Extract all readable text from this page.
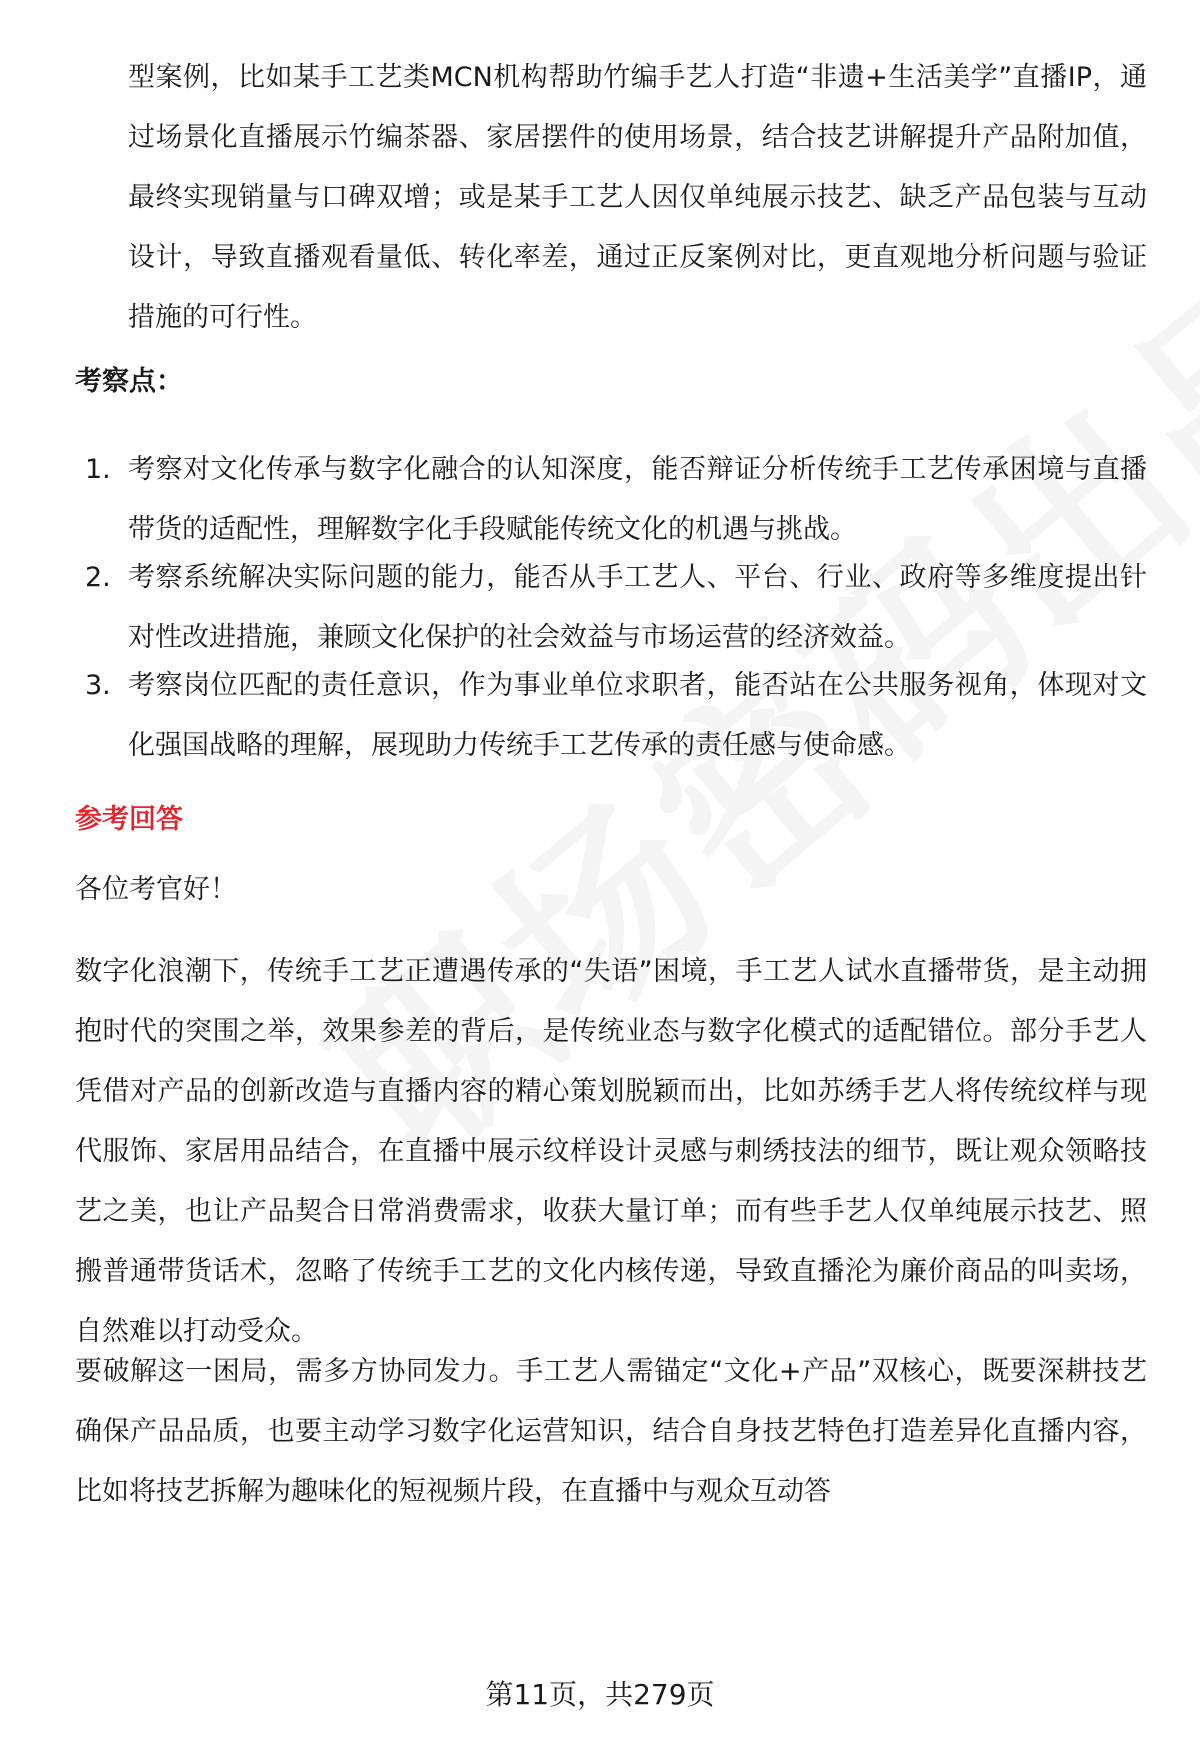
型案例，比如某手工艺类MCN机构帮助竹编手艺人打造“非遗+生活美学”直播IP，通过场景化直播展示竹编茶器、家居摆件的使用场景，结合技艺讲解提升产品附加值，最终实现销量与口碑双增；或是某手工艺人因仅单纯展示技艺、缺乏产品包装与互动设计，导致直播观看量低、转化率差，通过正反案例对比，更直观地分析问题与验证措施的可行性。

考察点：
1. 考察对文化传承与数字化融合的认知深度，能否辩证分析传统手工艺传承困境与直播带货的适配性，理解数字化手段赋能传统文化的机遇与挑战。
2. 考察系统解决实际问题的能力，能否从手工艺人、平台、行业、政府等多维度提出针对性改进措施，兼顾文化保护的社会效益与市场运营的经济效益。
3. 考察岗位匹配的责任意识，作为事业单位求职者，能否站在公共服务视角，体现对文化强国战略的理解，展现助力传统手工艺传承的责任感与使命感。
参考回答

各位考官好！

数字化浪潮下，传统手工艺正遭遇传承的“失语”困境，手工艺人试水直播带货，是主动拥抱时代的突围之举，效果参差的背后，是传统业态与数字化模式的适配错位。部分手艺人凭借对产品的创新改造与直播内容的精心策划脱颖而出，比如苏绣手艺人将传统纹样与现代服饰、家居用品结合，在直播中展示纹样设计灵感与刺绣技法的细节，既让观众领略技艺之美，也让产品契合日常消费需求，收获大量订单；而有些手艺人仅单纯展示技艺、照搬普通带货话术，忽略了传统手工艺的文化内核传递，导致直播沦为廉价商品的叫卖场，自然难以打动受众。

要破解这一困局，需多方协同发力。手工艺人需锚定“文化+产品”双核心，既要深耕技艺确保产品品质，也要主动学习数字化运营知识，结合自身技艺特色打造差异化直播内容，比如将技艺拆解为趣味化的短视频片段，在直播中与观众互动答

第11页，共279页
